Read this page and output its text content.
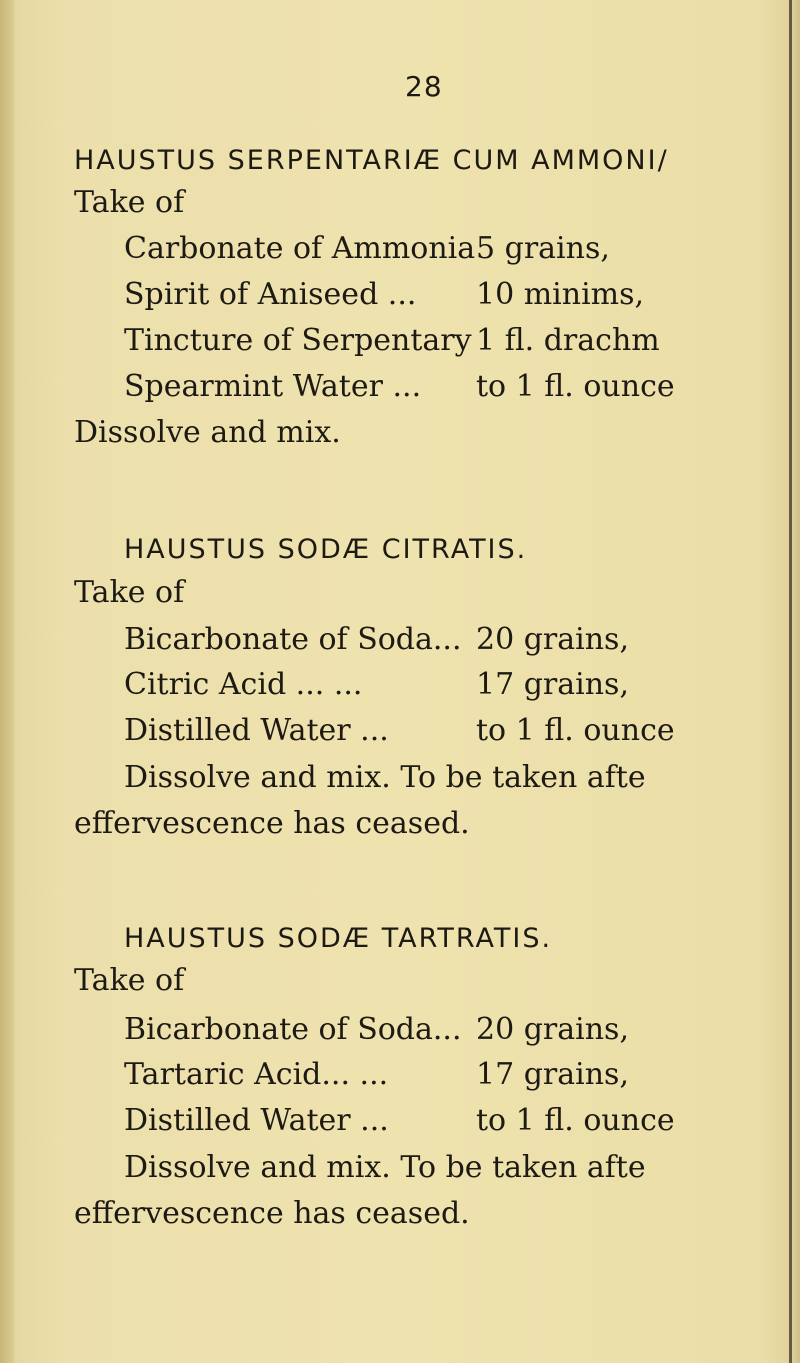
28
HAUSTUS SERPENTARIÆ CUM AMMONI/
Take of
Carbonate of Ammonia 5 grains,
Spirit of Aniseed ... 10 minims,
Tincture of Serpentary 1 fl. drachm
Spearmint Water ... to 1 fl. ounce
Dissolve and mix.
HAUSTUS SODÆ CITRATIS.
Take of
Bicarbonate of Soda... 20 grains,
Citric Acid ... ...	17 grains,
Distilled Water ...	to 1 fl. ounce
Dissolve and mix. To be taken afte
effervescence has ceased.
HAUSTUS SODÆ TARTRATIS.
Take of
Bicarbonate of Soda... 20 grains,
Tartaric Acid... ...	17 grains,
Distilled Water ...	to 1 fl. ounce
Dissolve and mix. To be taken afte
effervescence has ceased.
